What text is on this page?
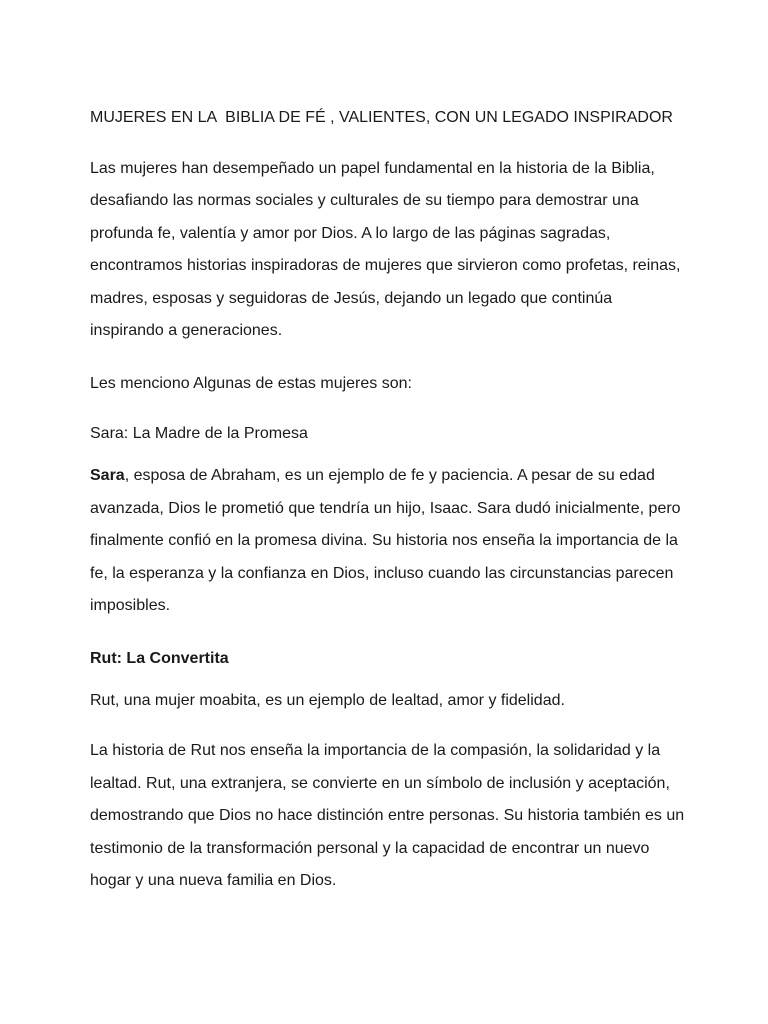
MUJERES EN LA  BIBLIA DE FÉ , VALIENTES, CON UN LEGADO INSPIRADOR

Las mujeres han desempeñado un papel fundamental en la historia de la Biblia, desafiando las normas sociales y culturales de su tiempo para demostrar una profunda fe, valentía y amor por Dios. A lo largo de las páginas sagradas, encontramos historias inspiradoras de mujeres que sirvieron como profetas, reinas, madres, esposas y seguidoras de Jesús, dejando un legado que continúa inspirando a generaciones.

Les menciono Algunas de estas mujeres son:

Sara: La Madre de la Promesa

Sara, esposa de Abraham, es un ejemplo de fe y paciencia. A pesar de su edad avanzada, Dios le prometió que tendría un hijo, Isaac. Sara dudó inicialmente, pero finalmente confió en la promesa divina. Su historia nos enseña la importancia de la fe, la esperanza y la confianza en Dios, incluso cuando las circunstancias parecen imposibles.

Rut: La Convertita

Rut, una mujer moabita, es un ejemplo de lealtad, amor y fidelidad.

La historia de Rut nos enseña la importancia de la compasión, la solidaridad y la lealtad. Rut, una extranjera, se convierte en un símbolo de inclusión y aceptación, demostrando que Dios no hace distinción entre personas. Su historia también es un testimonio de la transformación personal y la capacidad de encontrar un nuevo hogar y una nueva familia en Dios.
